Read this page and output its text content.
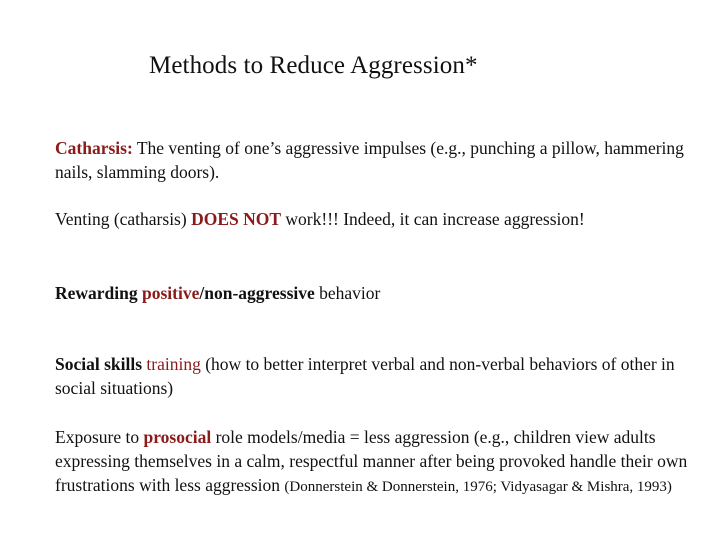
Methods to Reduce Aggression*
Catharsis: The venting of one’s aggressive impulses (e.g., punching a pillow, hammering nails, slamming doors).
Venting (catharsis) DOES NOT work!!! Indeed, it can increase aggression!
Rewarding positive/non-aggressive behavior
Social skills training (how to better interpret verbal and non-verbal behaviors of other in social situations)
Exposure to prosocial role models/media = less aggression (e.g., children view adults expressing themselves in a calm, respectful manner after being provoked handle their own frustrations with less aggression (Donnerstein & Donnerstein, 1976; Vidyasagar & Mishra, 1993)
